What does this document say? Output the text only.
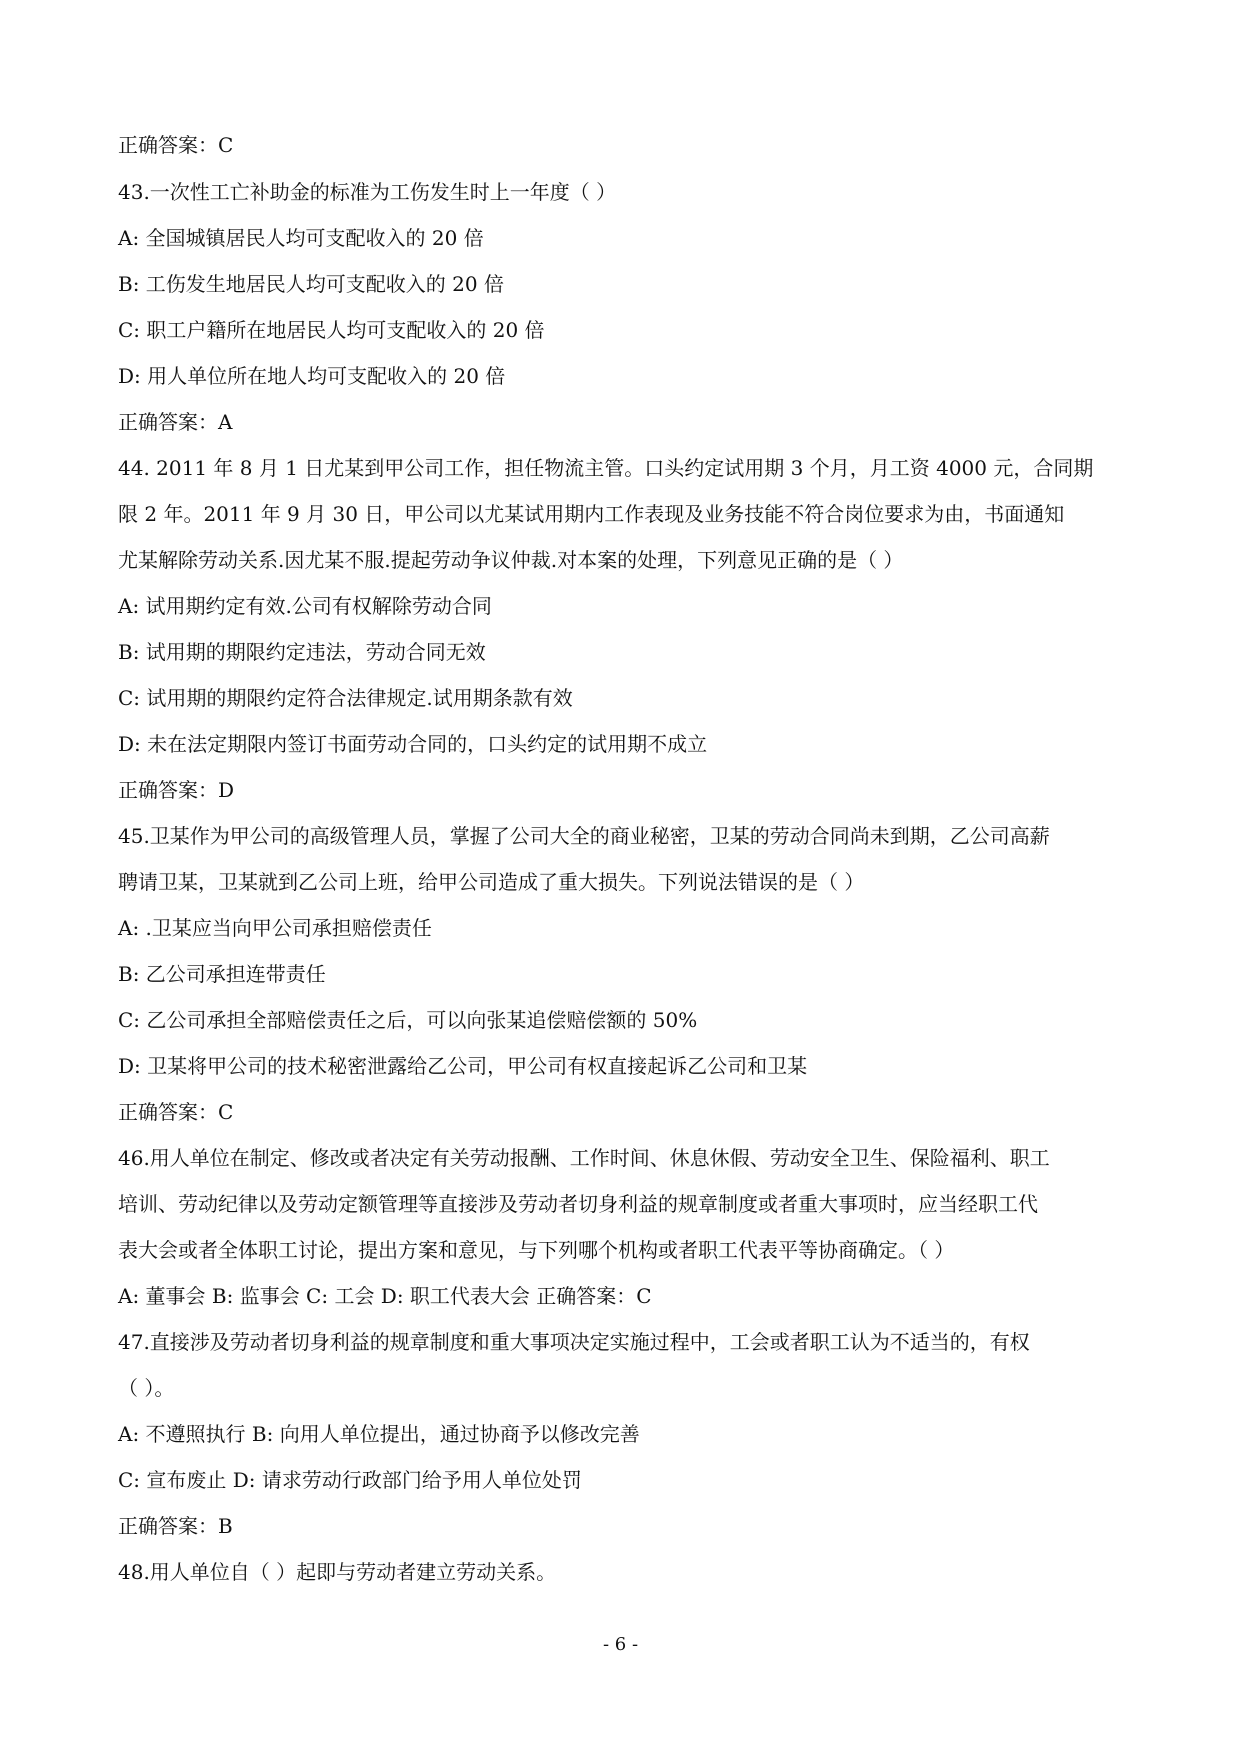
正确答案：C
43.一次性工亡补助金的标准为工伤发生时上一年度（ ）
A: 全国城镇居民人均可支配收入的 20 倍
B: 工伤发生地居民人均可支配收入的 20 倍
C: 职工户籍所在地居民人均可支配收入的 20 倍
D: 用人单位所在地人均可支配收入的 20 倍
正确答案：A
44. 2011 年 8 月 1 日尤某到甲公司工作，担任物流主管。口头约定试用期 3 个月，月工资 4000 元，合同期
限 2 年。2011 年 9 月 30 日，甲公司以尤某试用期内工作表现及业务技能不符合岗位要求为由，书面通知
尤某解除劳动关系.因尤某不服.提起劳动争议仲裁.对本案的处理，下列意见正确的是（ ）
A: 试用期约定有效.公司有权解除劳动合同
B: 试用期的期限约定违法，劳动合同无效
C: 试用期的期限约定符合法律规定.试用期条款有效
D: 未在法定期限内签订书面劳动合同的，口头约定的试用期不成立
正确答案：D
45.卫某作为甲公司的高级管理人员，掌握了公司大全的商业秘密，卫某的劳动合同尚未到期，乙公司高薪
聘请卫某，卫某就到乙公司上班，给甲公司造成了重大损失。下列说法错误的是（ ）
A: .卫某应当向甲公司承担赔偿责任
B: 乙公司承担连带责任
C: 乙公司承担全部赔偿责任之后，可以向张某追偿赔偿额的 50%
D: 卫某将甲公司的技术秘密泄露给乙公司，甲公司有权直接起诉乙公司和卫某
正确答案：C
46.用人单位在制定、修改或者决定有关劳动报酬、工作时间、休息休假、劳动安全卫生、保险福利、职工
培训、劳动纪律以及劳动定额管理等直接涉及劳动者切身利益的规章制度或者重大事项时，应当经职工代
表大会或者全体职工讨论，提出方案和意见，与下列哪个机构或者职工代表平等协商确定。（ ）
A: 董事会 B: 监事会 C: 工会 D: 职工代表大会 正确答案：C
47.直接涉及劳动者切身利益的规章制度和重大事项决定实施过程中，工会或者职工认为不适当的，有权
（ ）。
A: 不遵照执行 B: 向用人单位提出，通过协商予以修改完善
C: 宣布废止 D: 请求劳动行政部门给予用人单位处罚
正确答案：B
48.用人单位自（ ）起即与劳动者建立劳动关系。
- 6 -
